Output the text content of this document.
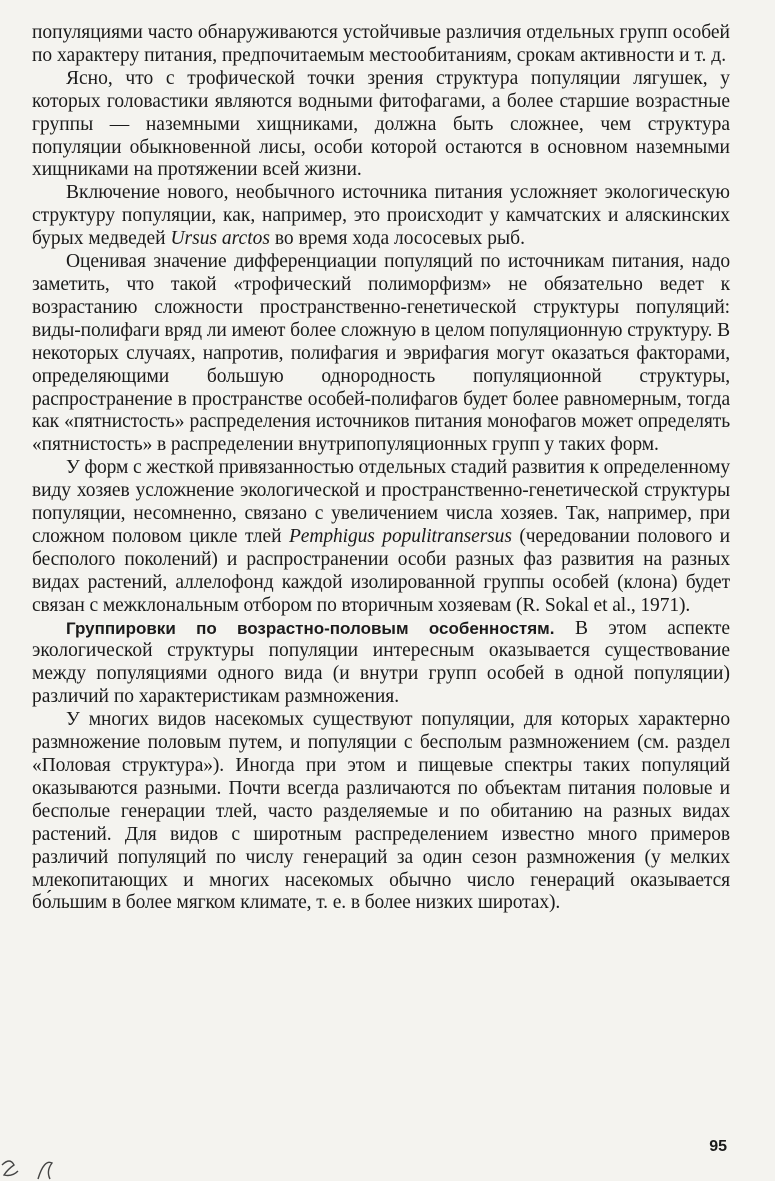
популяциями часто обнаруживаются устойчивые различия отдельных групп особей по характеру питания, предпочитаемым местообитаниям, срокам активности и т. д.

Ясно, что с трофической точки зрения структура популяции лягушек, у которых головастики являются водными фитофагами, а более старшие возрастные группы — наземными хищниками, должна быть сложнее, чем структура популяции обыкновенной лисы, особи которой остаются в основном наземными хищниками на протяжении всей жизни.

Включение нового, необычного источника питания усложняет экологическую структуру популяции, как, например, это происходит у камчатских и аляскинских бурых медведей Ursus arctos во время хода лососевых рыб.

Оценивая значение дифференциации популяций по источникам питания, надо заметить, что такой «трофический полиморфизм» не обязательно ведет к возрастанию сложности пространственно-генетической структуры популяций: виды-полифаги вряд ли имеют более сложную в целом популяционную структуру. В некоторых случаях, напротив, полифагия и эврифагия могут оказаться факторами, определяющими большую однородность популяционной структуры, распространение в пространстве особей-полифагов будет более равномерным, тогда как «пятнистость» распределения источников питания монофагов может определять «пятнистость» в распределении внутрипопуляционных групп у таких форм.

У форм с жесткой привязанностью отдельных стадий развития к определенному виду хозяев усложнение экологической и пространственно-генетической структуры популяции, несомненно, связано с увеличением числа хозяев. Так, например, при сложном половом цикле тлей Pemphigus populitransersus (чередовании полового и бесполого поколений) и распространении особи разных фаз развития на разных видах растений, аллелофонд каждой изолированной группы особей (клона) будет связан с межклональным отбором по вторичным хозяевам (R. Sokal et al., 1971).

Группировки по возрастно-половым особенностям. В этом аспекте экологической структуры популяции интересным оказывается существование между популяциями одного вида (и внутри групп особей в одной популяции) различий по характеристикам размножения.

У многих видов насекомых существуют популяции, для которых характерно размножение половым путем, и популяции с бесполым размножением (см. раздел «Половая структура»). Иногда при этом и пищевые спектры таких популяций оказываются разными. Почти всегда различаются по объектам питания половые и бесполые генерации тлей, часто разделяемые и по обитанию на разных видах растений. Для видов с широтным распределением известно много примеров различий популяций по числу генераций за один сезон размножения (у мелких млекопитающих и многих насекомых обычно число генераций оказывается бо́льшим в более мягком климате, т. е. в более низких широтах).

95
